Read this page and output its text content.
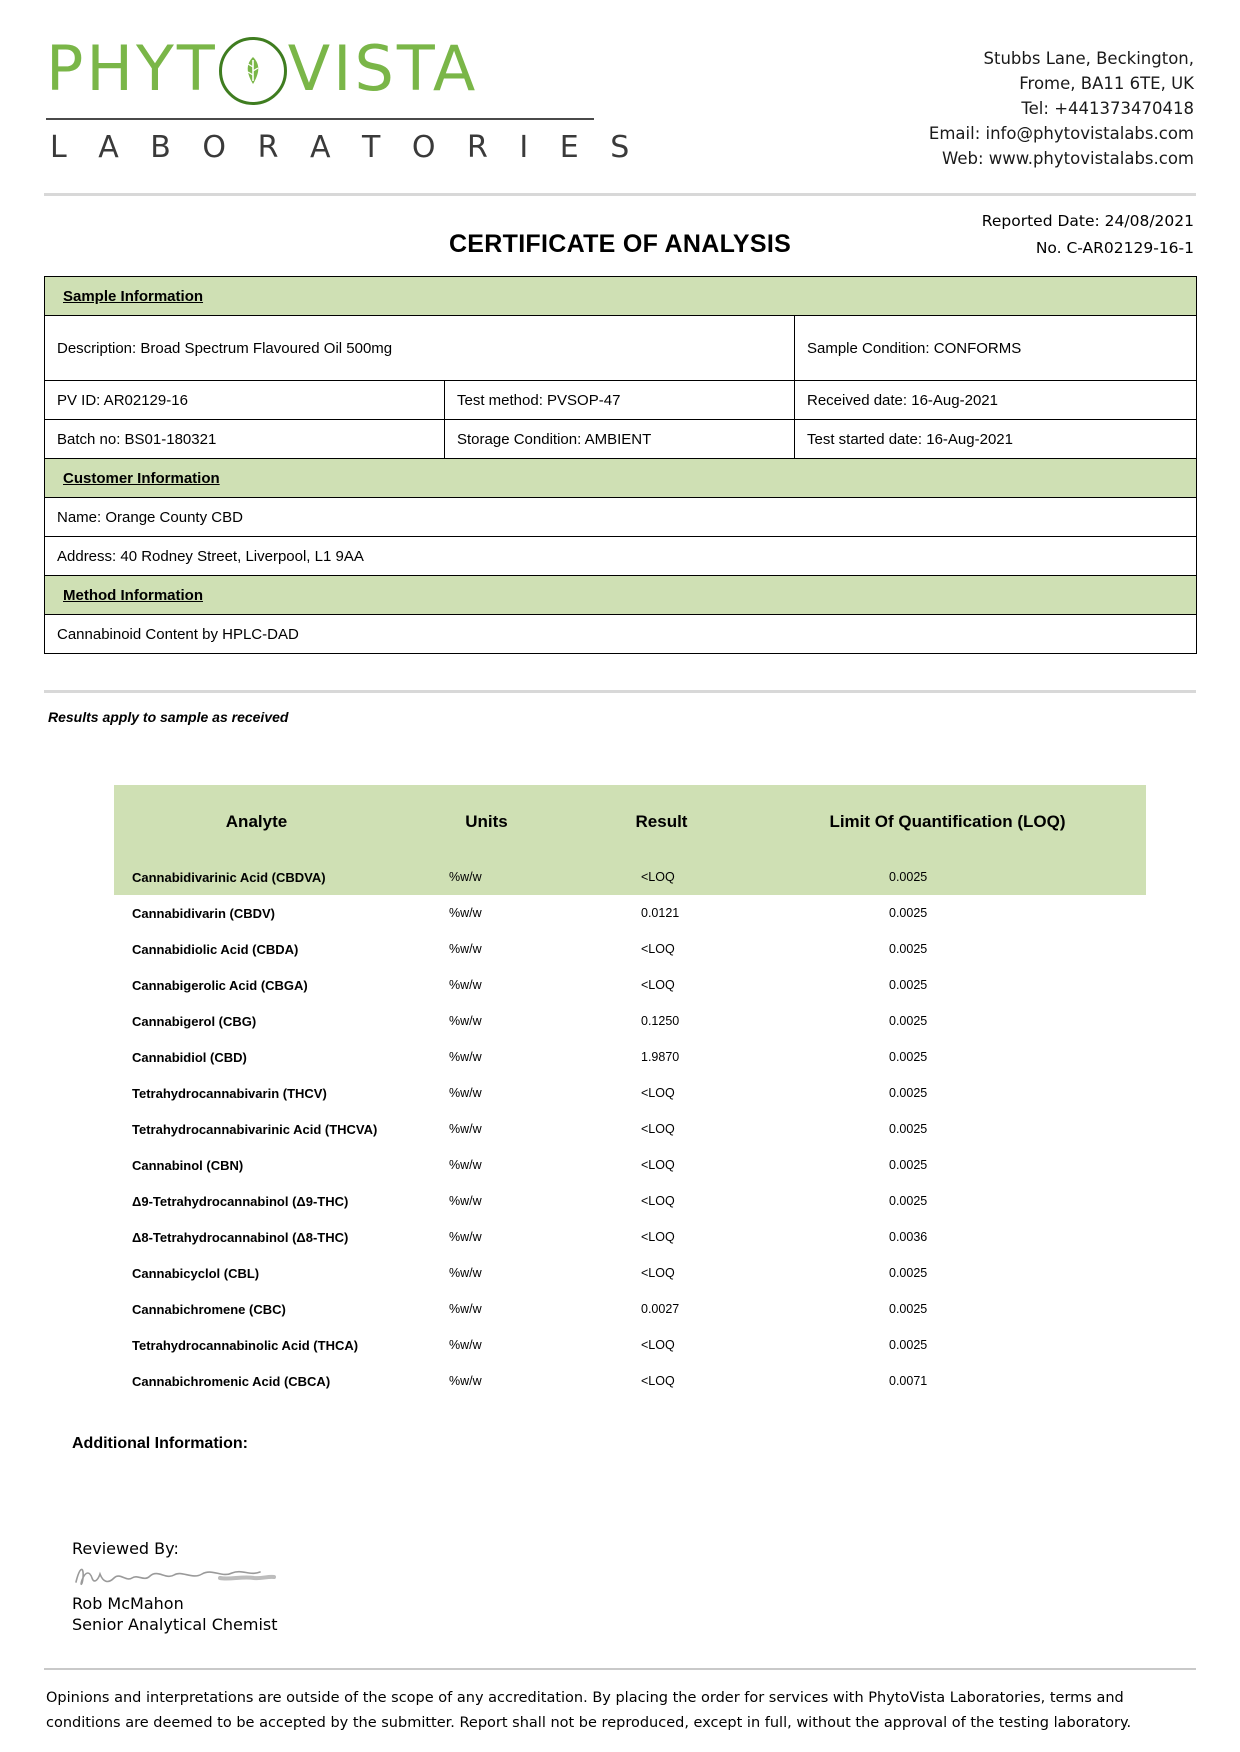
PHYT VISTA
L A B O R A T O R I E S
Stubbs Lane, Beckington,
Frome, BA11 6TE, UK
Tel: +441373470418
Email: info@phytovistalabs.com
Web: www.phytovistalabs.com
CERTIFICATE OF ANALYSIS
Reported Date: 24/08/2021
No. C-AR02129-16-1
Sample Information		
Description: Broad Spectrum Flavoured Oil 500mg		Sample Condition: CONFORMS
PV ID: AR02129-16	Test method: PVSOP-47	Received date: 16-Aug-2021
Batch no: BS01-180321	Storage Condition: AMBIENT	Test started date: 16-Aug-2021
Customer Information		
Name: Orange County CBD		
Address: 40 Rodney Street, Liverpool, L1 9AA		
Method Information		
Cannabinoid Content by HPLC-DAD		
Results apply to sample as received
Analyte	Units	Result	Limit Of Quantification (LOQ)
Cannabidivarinic Acid (CBDVA)	%w/w	<LOQ	0.0025
Cannabidivarin (CBDV)	%w/w	0.0121	0.0025
Cannabidiolic Acid (CBDA)	%w/w	<LOQ	0.0025
Cannabigerolic Acid (CBGA)	%w/w	<LOQ	0.0025
Cannabigerol (CBG)	%w/w	0.1250	0.0025
Cannabidiol (CBD)	%w/w	1.9870	0.0025
Tetrahydrocannabivarin (THCV)	%w/w	<LOQ	0.0025
Tetrahydrocannabivarinic Acid (THCVA)	%w/w	<LOQ	0.0025
Cannabinol (CBN)	%w/w	<LOQ	0.0025
Δ9-Tetrahydrocannabinol (Δ9-THC)	%w/w	<LOQ	0.0025
Δ8-Tetrahydrocannabinol (Δ8-THC)	%w/w	<LOQ	0.0036
Cannabicyclol (CBL)	%w/w	<LOQ	0.0025
Cannabichromene (CBC)	%w/w	0.0027	0.0025
Tetrahydrocannabinolic Acid (THCA)	%w/w	<LOQ	0.0025
Cannabichromenic Acid (CBCA)	%w/w	<LOQ	0.0071
Additional Information:
Reviewed By:
Rob McMahon
Senior Analytical Chemist
Opinions and interpretations are outside of the scope of any accreditation. By placing the order for services with PhytoVista Laboratories, terms and conditions are deemed to be accepted by the submitter. Report shall not be reproduced, except in full, without the approval of the testing laboratory.
